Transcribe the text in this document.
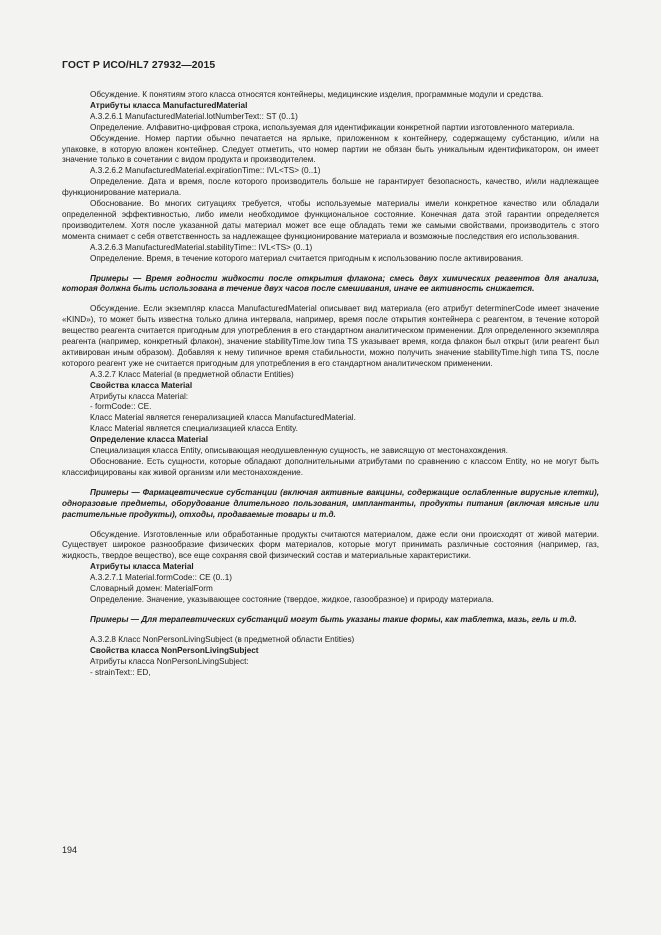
ГОСТ Р ИСО/HL7 27932—2015

Обсуждение. К понятиям этого класса относятся контейнеры, медицинские изделия, программные модули и средства.

Атрибуты класса ManufacturedMaterial

A.3.2.6.1 ManufacturedMaterial.lotNumberText:: ST (0..1)

Определение. Алфавитно-цифровая строка, используемая для идентификации конкретной партии изготовленного материала.

Обсуждение. Номер партии обычно печатается на ярлыке, приложенном к контейнеру, содержащему субстанцию, и/или на упаковке, в которую вложен контейнер. Следует отметить, что номер партии не обязан быть уникальным идентификатором, он имеет значение только в сочетании с видом продукта и производителем.

A.3.2.6.2 ManufacturedMaterial.expirationTime:: IVL<TS> (0..1)

Определение. Дата и время, после которого производитель больше не гарантирует безопасность, качество, и/или надлежащее функционирование материала.

Обоснование. Во многих ситуациях требуется, чтобы используемые материалы имели конкретное качество или обладали определенной эффективностью, либо имели необходимое функциональное состояние. Конечная дата этой гарантии определяется производителем. Хотя после указанной даты материал может все еще обладать теми же самыми свойствами, производитель с этого момента снимает с себя ответственность за надлежащее функционирование материала и возможные последствия его использования.

A.3.2.6.3 ManufacturedMaterial.stabilityTime:: IVL<TS> (0..1)

Определение. Время, в течение которого материал считается пригодным к использованию после активирования.

Примеры — Время годности жидкости после открытия флакона; смесь двух химических реагентов для анализа, которая должна быть использована в течение двух часов после смешивания, иначе ее активность снижается.

Обсуждение. Если экземпляр класса ManufacturedMaterial описывает вид материала (его атрибут determinerCode имеет значение «KIND»), то может быть известна только длина интервала, например, время после открытия контейнера с реагентом, в течение которой вещество реагента считается пригодным для употребления в его стандартном аналитическом применении. Для определенного экземпляра реагента (например, конкретный флакон), значение stabilityTime.low типа TS указывает время, когда флакон был открыт (или реагент был активирован иным образом). Добавляя к нему типичное время стабильности, можно получить значение stabilityTime.high типа TS, после которого реагент уже не считается пригодным для употребления в его стандартном аналитическом применении.

A.3.2.7 Класс Material (в предметной области Entities)

Свойства класса Material

Атрибуты класса Material:

- formCode:: CE.

Класс Material является генерализацией класса ManufacturedMaterial.

Класс Material является специализацией класса Entity.

Определение класса Material

Специализация класса Entity, описывающая неодушевленную сущность, не зависящую от местонахождения.

Обоснование. Есть сущности, которые обладают дополнительными атрибутами по сравнению с классом Entity, но не могут быть классифицированы как живой организм или местонахождение.

Примеры — Фармацевтические субстанции (включая активные вакцины, содержащие ослабленные вирусные клетки), одноразовые предметы, оборудование длительного пользования, имплантанты, продукты питания (включая мясные или растительные продукты), отходы, продаваемые товары и т.д.

Обсуждение. Изготовленные или обработанные продукты считаются материалом, даже если они происходят от живой материи. Существует широкое разнообразие физических форм материалов, которые могут принимать различные состояния (например, газ, жидкость, твердое вещество), все еще сохраняя свой физический состав и материальные характеристики.

Атрибуты класса Material

A.3.2.7.1 Material.formCode:: CE (0..1)

Словарный домен: MaterialForm

Определение. Значение, указывающее состояние (твердое, жидкое, газообразное) и природу материала.

Примеры — Для терапевтических субстанций могут быть указаны такие формы, как таблетка, мазь, гель и т.д.

A.3.2.8 Класс NonPersonLivingSubject (в предметной области Entities)

Свойства класса NonPersonLivingSubject

Атрибуты класса NonPersonLivingSubject:

- strainText:: ED,

194
